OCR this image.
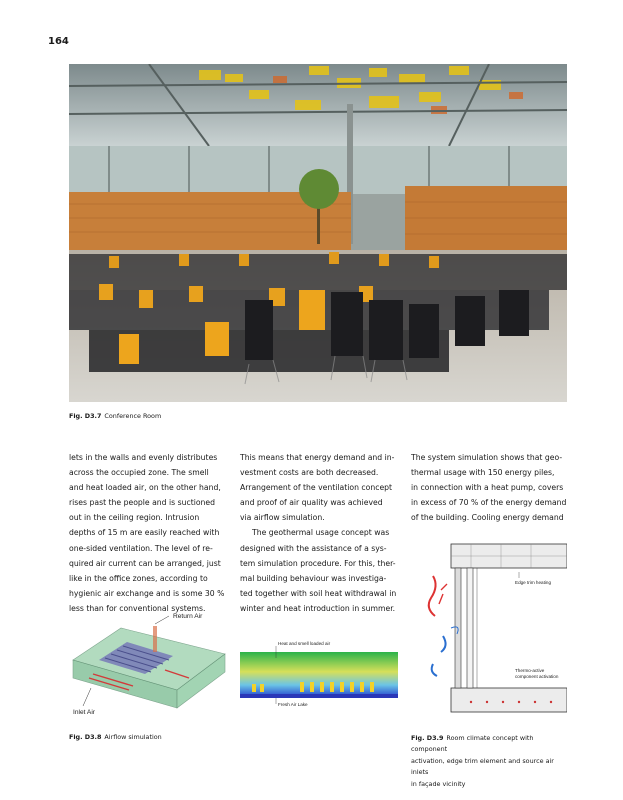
164
Fig. D3.7 Conference Room

lets in the walls and evenly distributes

across the occupied zone. The smell

and heat loaded air, on the other hand,

rises past the people and is suctioned

out in the ceiling region. Intrusion

depths of 15 m are easily reached with

one-sided ventilation. The level of re-

quired air current can be arranged, just

like in the office zones, according to

hygienic air exchange and is some 30 %

less than for conventional systems.

This means that energy demand and in-

vestment costs are both decreased.

Arrangement of the ventilation concept

and proof of air quality was achieved

via airflow simulation.

The geothermal usage concept was

designed with the assistance of a sys-

tem simulation procedure. For this, ther-

mal building behaviour was investiga-

ted together with soil heat withdrawal in

winter and heat introduction in summer.

The system simulation shows that geo-

thermal usage with 150 energy piles,

in connection with a heat pump, covers

in excess of 70 % of the energy demand

of the building. Cooling energy demand

Return Air
Inlet Air
Heat and smell loaded air
Fresh Air Lake
Edge trim heating
Thermo-active
component activation
Fig. D3.8 Airflow simulation	Fig. D3.9 Room climate concept with component
activation, edge trim element and source air inlets
in façade vicinity
